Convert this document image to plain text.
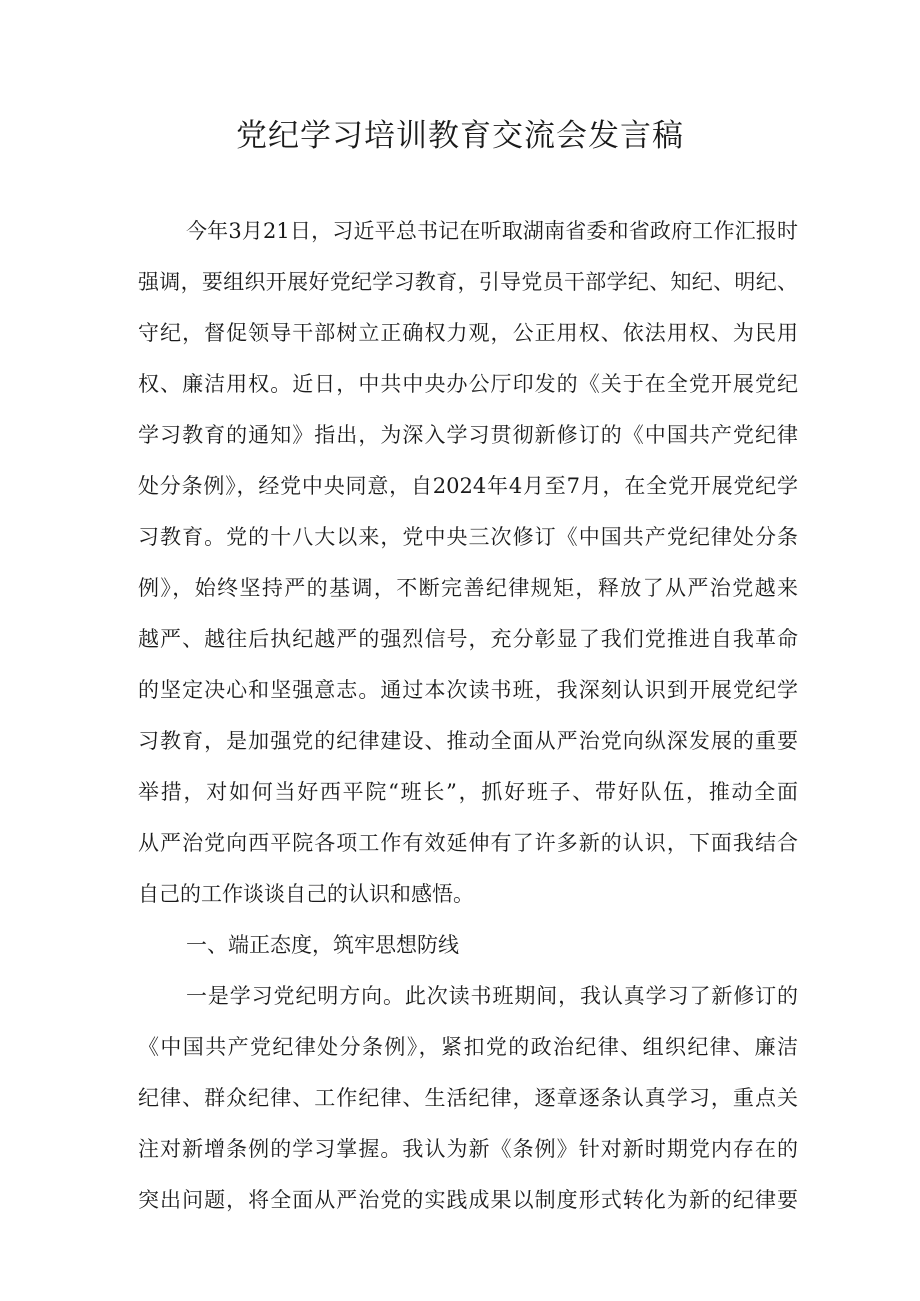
党纪学习培训教育交流会发言稿
今年3月21日，习近平总书记在听取湖南省委和省政府工作汇报时
强调，要组织开展好党纪学习教育，引导党员干部学纪、知纪、明纪、
守纪，督促领导干部树立正确权力观，公正用权、依法用权、为民用
权、廉洁用权。近日，中共中央办公厅印发的《关于在全党开展党纪
学习教育的通知》指出，为深入学习贯彻新修订的《中国共产党纪律
处分条例》，经党中央同意，自2024年4月至7月，在全党开展党纪学
习教育。党的十八大以来，党中央三次修订《中国共产党纪律处分条
例》，始终坚持严的基调，不断完善纪律规矩，释放了从严治党越来
越严、越往后执纪越严的强烈信号，充分彰显了我们党推进自我革命
的坚定决心和坚强意志。通过本次读书班，我深刻认识到开展党纪学
习教育，是加强党的纪律建设、推动全面从严治党向纵深发展的重要
举措，对如何当好西平院“班长”，抓好班子、带好队伍，推动全面
从严治党向西平院各项工作有效延伸有了许多新的认识，下面我结合
自己的工作谈谈自己的认识和感悟。
一、端正态度，筑牢思想防线
一是学习党纪明方向。此次读书班期间，我认真学习了新修订的
《中国共产党纪律处分条例》，紧扣党的政治纪律、组织纪律、廉洁
纪律、群众纪律、工作纪律、生活纪律，逐章逐条认真学习，重点关
注对新增条例的学习掌握。我认为新《条例》针对新时期党内存在的
突出问题，将全面从严治党的实践成果以制度形式转化为新的纪律要
